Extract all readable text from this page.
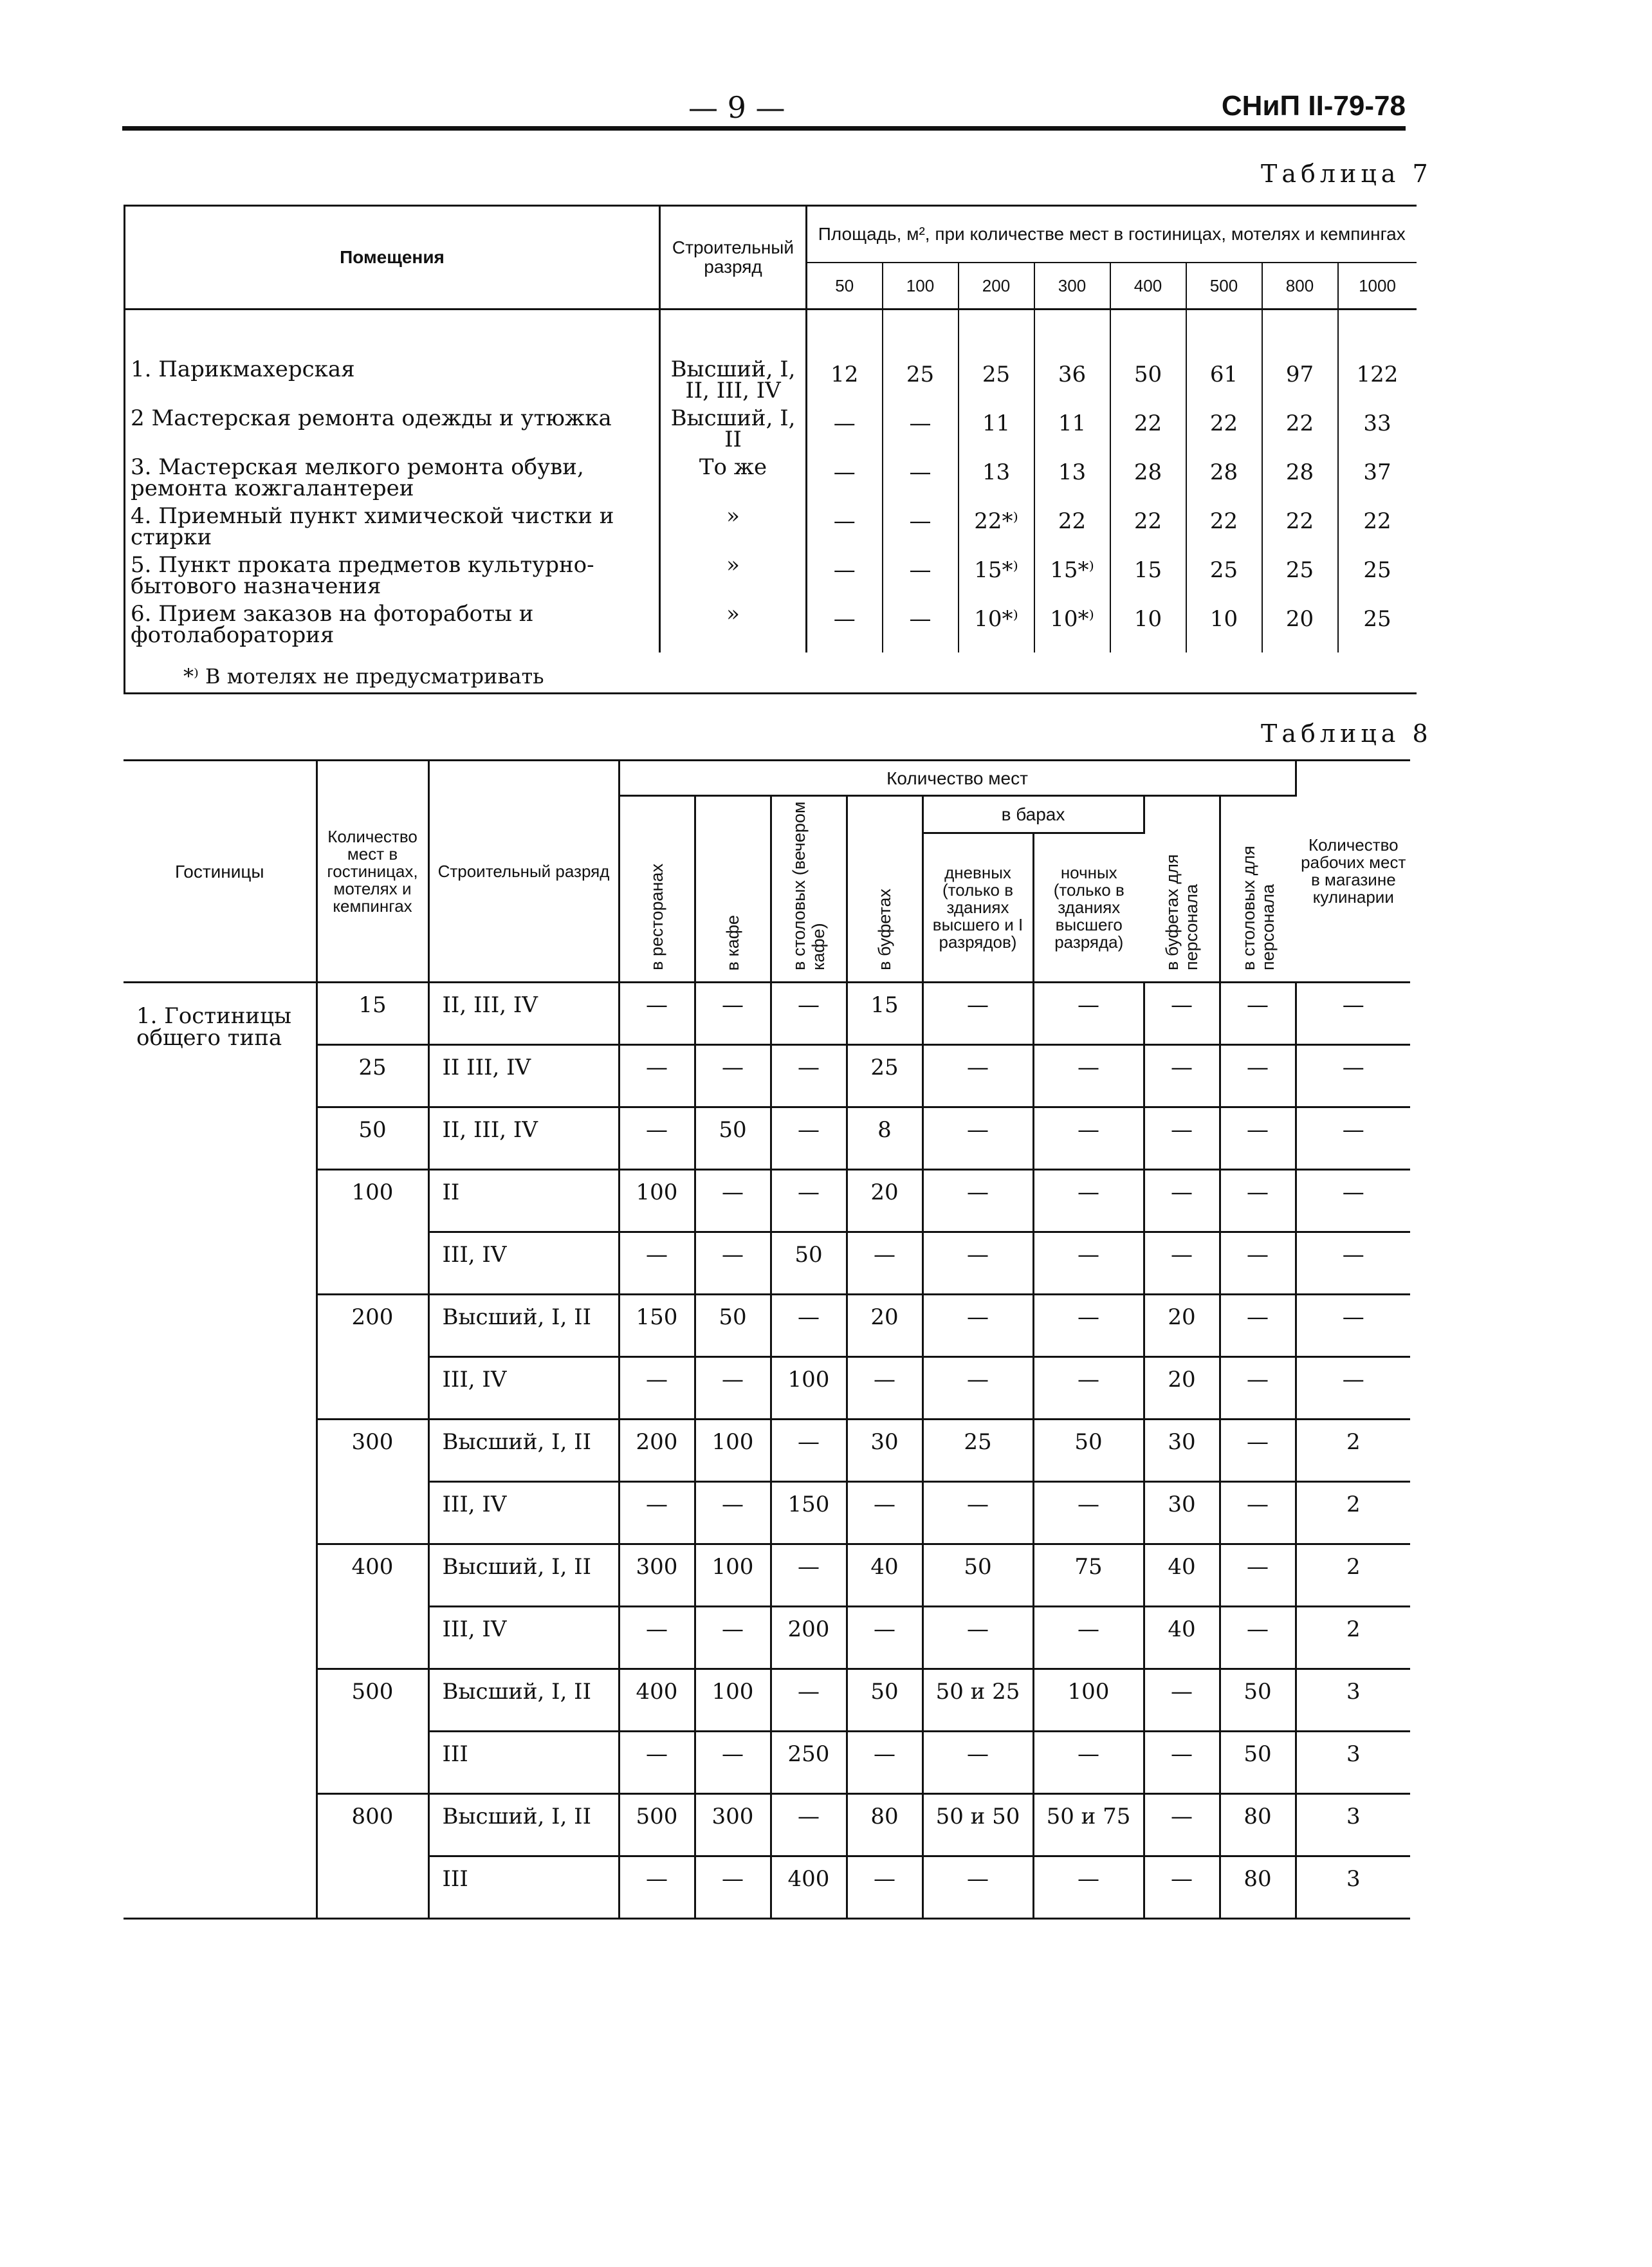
— 9 —	СНиП II-79-78
Таблица 7
Помещения	Строительный разряд	Площадь, м², при количестве мест в гостиницах, мотелях и кемпингах							
		50	100	200	300	400	500	800	1000

1. Парикмахерская	Высший, I, II, III, IV	12	25	25	36	50	61	97	122
2 Мастерская ремонта одежды и утюжка	Высший, I, II	—	—	11	11	22	22	22	33
3. Мастерская мелкого ремонта обуви, ремонта кожгалантереи	То же	—	—	13	13	28	28	28	37
4. Приемный пункт химической чистки и стирки	»	—	—	22*⁾	22	22	22	22	22
5. Пункт проката предметов культурно-бытового назначения	»	—	—	15*⁾	15*⁾	15	25	25	25
6. Прием заказов на фотоработы и фотолаборатория	»	—	—	10*⁾	10*⁾	10	10	20	25
*⁾ В мотелях не предусматривать									
Таблица 8
Гостиницы	Количество мест в гостиницах, мотелях и кемпингах	Строительный разряд	Количество мест								Количество рабочих мест в магазине кулинарии
			в ресторанах	в кафе	в столовых (вечером кафе)	в буфетах	в барах		в буфетах для персонала	в столовых для персонала	
							дневных (только в зданиях высшего и I разрядов)	ночных (только в зданиях высшего разряда)			
1. Гостиницы общего типа	15	II, III, IV	—	—	—	15	—	—	—	—	—
	25	II III, IV	—	—	—	25	—	—	—	—	—
	50	II, III, IV	—	50	—	8	—	—	—	—	—
	100	II	100	—	—	20	—	—	—	—	—
		III, IV	—	—	50	—	—	—	—	—	—
	200	Высший, I, II	150	50	—	20	—	—	20	—	—
		III, IV	—	—	100	—	—	—	20	—	—
	300	Высший, I, II	200	100	—	30	25	50	30	—	2
		III, IV	—	—	150	—	—	—	30	—	2
	400	Высший, I, II	300	100	—	40	50	75	40	—	2
		III, IV	—	—	200	—	—	—	40	—	2
	500	Высший, I, II	400	100	—	50	50 и 25	100	—	50	3
		III	—	—	250	—	—	—	—	50	3
	800	Высший, I, II	500	300	—	80	50 и 50	50 и 75	—	80	3
		III	—	—	400	—	—	—	—	80	3
